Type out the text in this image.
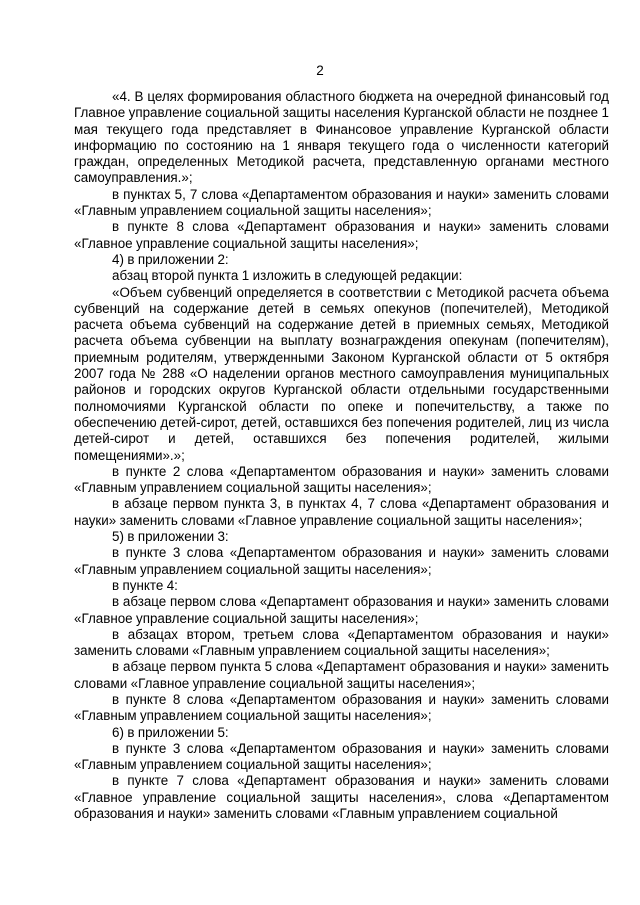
2

«4. В целях формирования областного бюджета на очередной финансовый год Главное управление социальной защиты населения Курганской области не позднее 1 мая текущего года представляет в Финансовое управление Курганской области информацию по состоянию на 1 января текущего года о численности категорий граждан, определенных Методикой расчета, представленную органами местного самоуправления.»;

в пунктах 5, 7 слова «Департаментом образования и науки» заменить словами «Главным управлением социальной защиты населения»;

в пункте 8 слова «Департамент образования и науки» заменить словами «Главное управление социальной защиты населения»;

4) в приложении 2:

абзац второй пункта 1 изложить в следующей редакции:

«Объем субвенций определяется в соответствии с Методикой расчета объема субвенций на содержание детей в семьях опекунов (попечителей), Методикой расчета объема субвенций на содержание детей в приемных семьях, Методикой расчета объема субвенции на выплату вознаграждения опекунам (попечителям), приемным родителям, утвержденными Законом Курганской области от 5 октября 2007 года № 288 «О наделении органов местного самоуправления муниципальных районов и городских округов Курганской области отдельными государственными полномочиями Курганской области по опеке и попечительству, а также по обеспечению детей-сирот, детей, оставшихся без попечения родителей, лиц из числа детей-сирот и детей, оставшихся без попечения родителей, жилыми помещениями».»;

в пункте 2 слова «Департаментом образования и науки» заменить словами «Главным управлением социальной защиты населения»;

в абзаце первом пункта 3, в пунктах 4, 7 слова «Департамент образования и науки» заменить словами «Главное управление социальной защиты населения»;

5) в приложении 3:

в пункте 3 слова «Департаментом образования и науки» заменить словами «Главным управлением социальной защиты населения»;

в пункте 4:

в абзаце первом слова «Департамент образования и науки» заменить словами «Главное управление социальной защиты населения»;

в абзацах втором, третьем слова «Департаментом образования и науки» заменить словами «Главным управлением социальной защиты населения»;

в абзаце первом пункта 5 слова «Департамент образования и науки» заменить словами «Главное управление социальной защиты населения»;

в пункте 8 слова «Департаментом образования и науки» заменить словами «Главным управлением социальной защиты населения»;

6) в приложении 5:

в пункте 3 слова «Департаментом образования и науки» заменить словами «Главным управлением социальной защиты населения»;

в пункте 7 слова «Департамент образования и науки» заменить словами «Главное управление социальной защиты населения», слова «Департаментом образования и науки» заменить словами «Главным управлением социальной
